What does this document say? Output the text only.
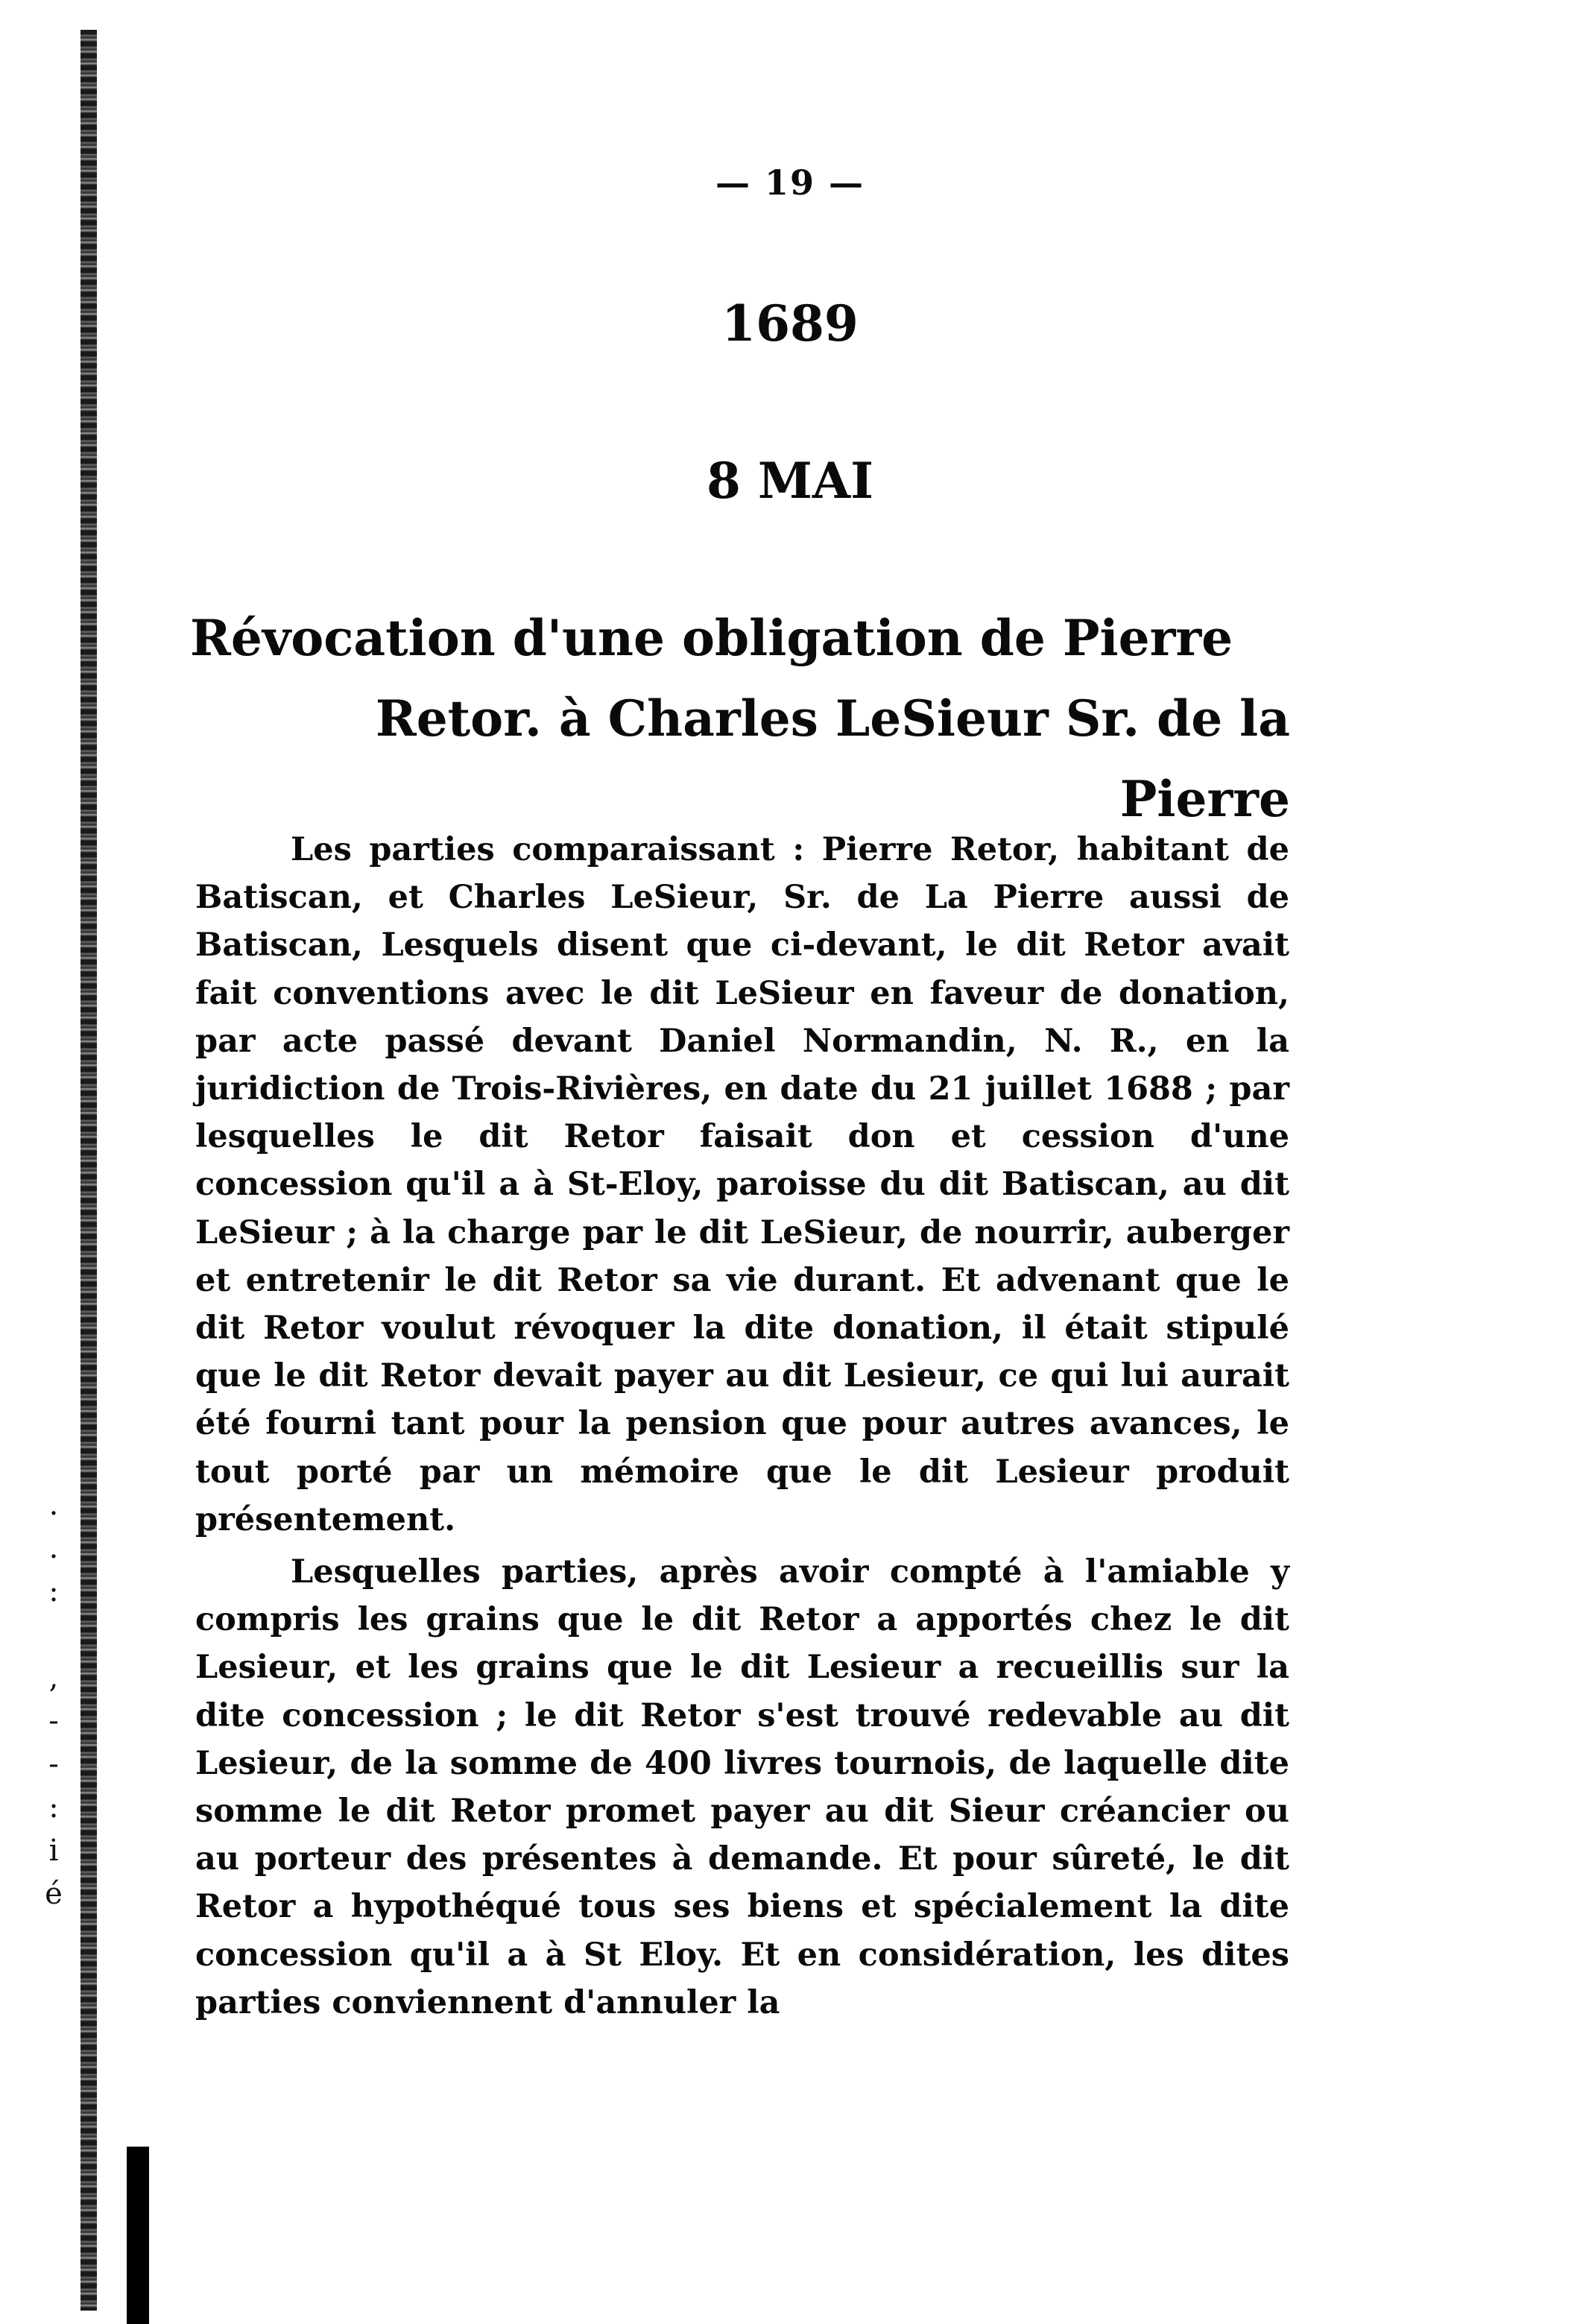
.
.
:

,
-
-
:
i
é
— 19 —
1689
8 MAI
Révocation d'une obligation de Pierre
Retor. à Charles LeSieur Sr. de la Pierre

Les parties comparaissant : Pierre Retor, habitant de Batiscan, et Charles LeSieur, Sr. de La Pierre aussi de Batiscan, Lesquels disent que ci-devant, le dit Retor avait fait conventions avec le dit LeSieur en faveur de donation, par acte passé devant Daniel Normandin, N. R., en la juridiction de Trois-Rivières, en date du 21 juillet 1688 ; par lesquelles le dit Retor faisait don et cession d'une concession qu'il a à St-Eloy, paroisse du dit Batiscan, au dit LeSieur ; à la charge par le dit LeSieur, de nourrir, auberger et entretenir le dit Retor sa vie durant. Et advenant que le dit Retor voulut révoquer la dite donation, il était stipulé que le dit Retor devait payer au dit Lesieur, ce qui lui aurait été fourni tant pour la pension que pour autres avances, le tout porté par un mémoire que le dit Lesieur produit présentement.

Lesquelles parties, après avoir compté à l'amiable y compris les grains que le dit Retor a apportés chez le dit Lesieur, et les grains que le dit Lesieur a recueillis sur la dite concession ; le dit Retor s'est trouvé redevable au dit Lesieur, de la somme de 400 livres tournois, de laquelle dite somme le dit Retor promet payer au dit Sieur créancier ou au porteur des présentes à demande. Et pour sûreté, le dit Retor a hypothéqué tous ses biens et spécialement la dite concession qu'il a à St Eloy. Et en considération, les dites parties conviennent d'annuler la
